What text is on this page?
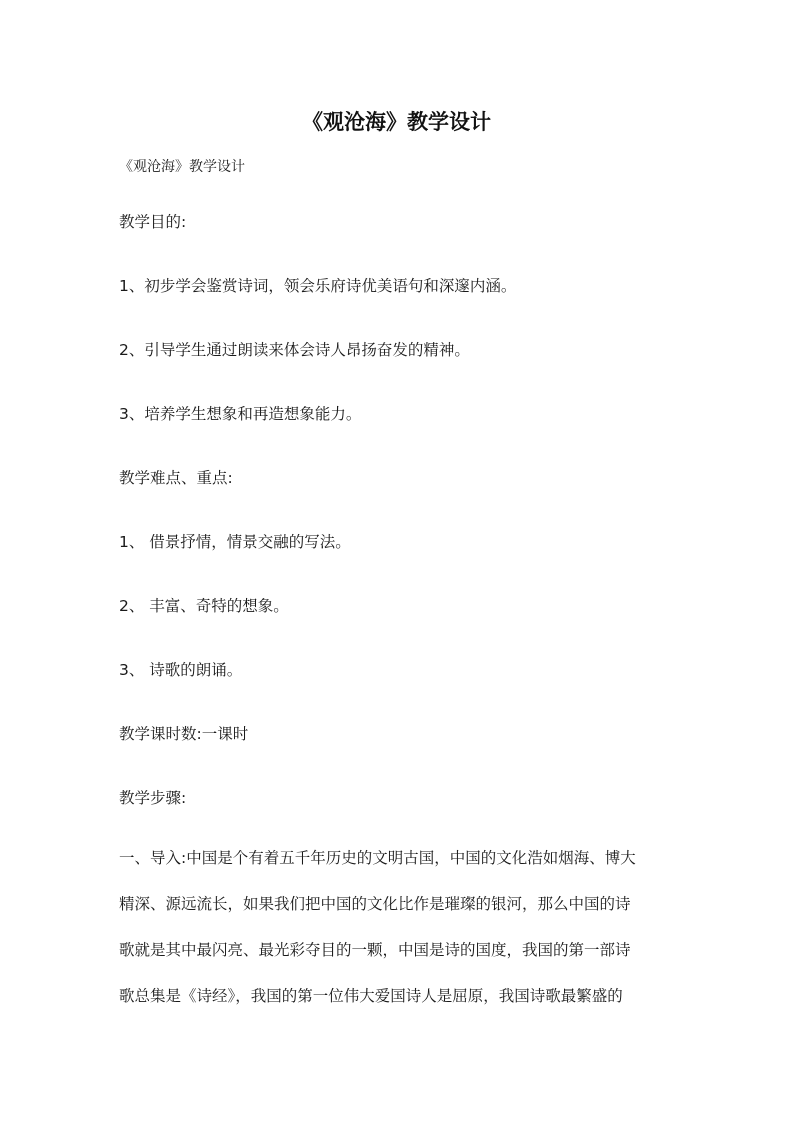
《观沧海》教学设计
《观沧海》教学设计
教学目的:
1、初步学会鉴赏诗词，领会乐府诗优美语句和深邃内涵。
2、引导学生通过朗读来体会诗人昂扬奋发的精神。
3、培养学生想象和再造想象能力。
教学难点、重点:
1、 借景抒情，情景交融的写法。
2、 丰富、奇特的想象。
3、 诗歌的朗诵。
教学课时数:一课时
教学步骤:
一、导入:中国是个有着五千年历史的文明古国，中国的文化浩如烟海、博大
精深、源远流长，如果我们把中国的文化比作是璀璨的银河，那么中国的诗
歌就是其中最闪亮、最光彩夺目的一颗，中国是诗的国度，我国的第一部诗
歌总集是《诗经》，我国的第一位伟大爱国诗人是屈原，我国诗歌最繁盛的
